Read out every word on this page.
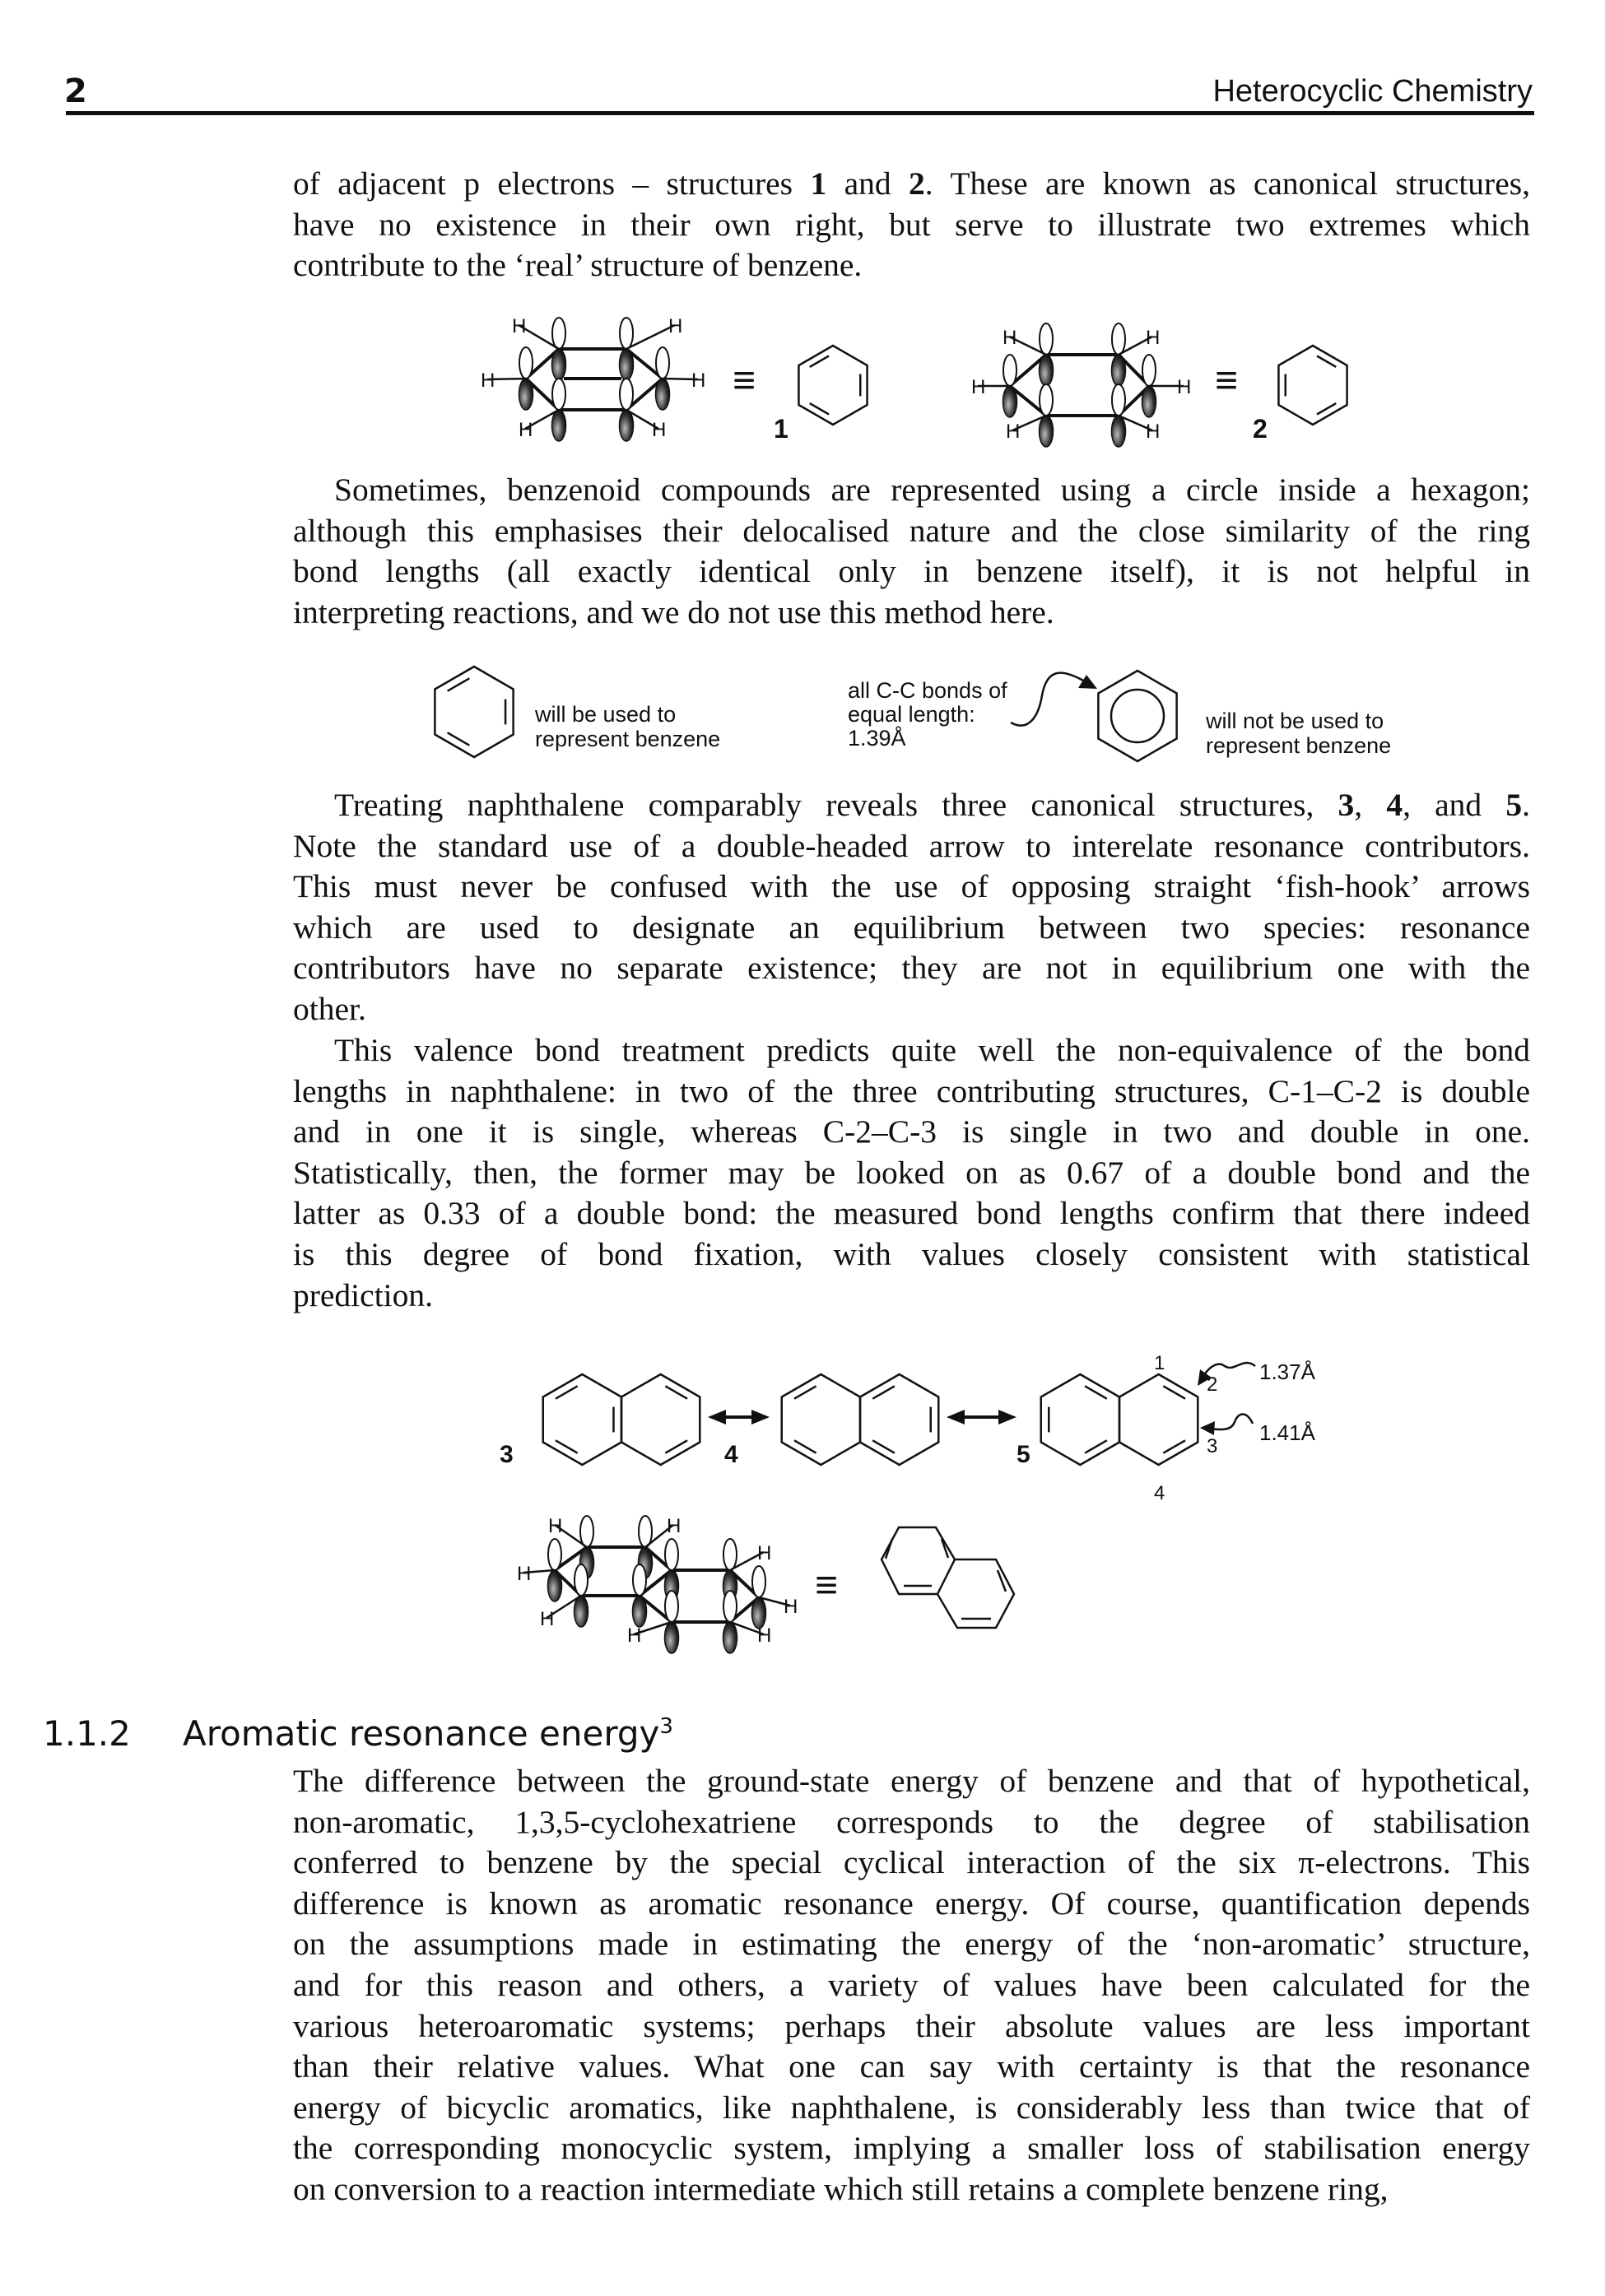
2	Heterocyclic Chemistry
of adjacent p electrons – structures 1 and 2. These are known as canonical structures,
have no existence in their own right, but serve to illustrate two extremes which
contribute to the ‘real’ structure of benzene.
Sometimes, benzenoid compounds are represented using a circle inside a hexagon;
although this emphasises their delocalised nature and the close similarity of the ring
bond lengths (all exactly identical only in benzene itself), it is not helpful in
interpreting reactions, and we do not use this method here.
Treating naphthalene comparably reveals three canonical structures, 3, 4, and 5.
Note the standard use of a double-headed arrow to interelate resonance contributors.
This must never be confused with the use of opposing straight ‘fish-hook’ arrows
which are used to designate an equilibrium between two species: resonance
contributors have no separate existence; they are not in equilibrium one with the
other.
This valence bond treatment predicts quite well the non-equivalence of the bond
lengths in naphthalene: in two of the three contributing structures, C-1–C-2 is double
and in one it is single, whereas C-2–C-3 is single in two and double in one.
Statistically, then, the former may be looked on as 0.67 of a double bond and the
latter as 0.33 of a double bond: the measured bond lengths confirm that there indeed
is this degree of bond fixation, with values closely consistent with statistical
prediction.
The difference between the ground-state energy of benzene and that of hypothetical,
non-aromatic, 1,3,5-cyclohexatriene corresponds to the degree of stabilisation
conferred to benzene by the special cyclical interaction of the six π-electrons. This
difference is known as aromatic resonance energy. Of course, quantification depends
on the assumptions made in estimating the energy of the ‘non-aromatic’ structure,
and for this reason and others, a variety of values have been calculated for the
various heteroaromatic systems; perhaps their absolute values are less important
than their relative values. What one can say with certainty is that the resonance
energy of bicyclic aromatics, like naphthalene, is considerably less than twice that of
the corresponding monocyclic system, implying a smaller loss of stabilisation energy
on conversion to a reaction intermediate which still retains a complete benzene ring,
1.1.2 Aromatic resonance energy$^3$
H	H
H	H
H	H
H	H
H	H
H	H
H	H
H
H
H
H
H	H
≡
1
≡
2
will be used to
represent benzene
all C-C bonds of
equal length:
1.39Å
will not be used to
represent benzene
3	4	5
1
2
3
4
1.37Å
1.41Å
≡
